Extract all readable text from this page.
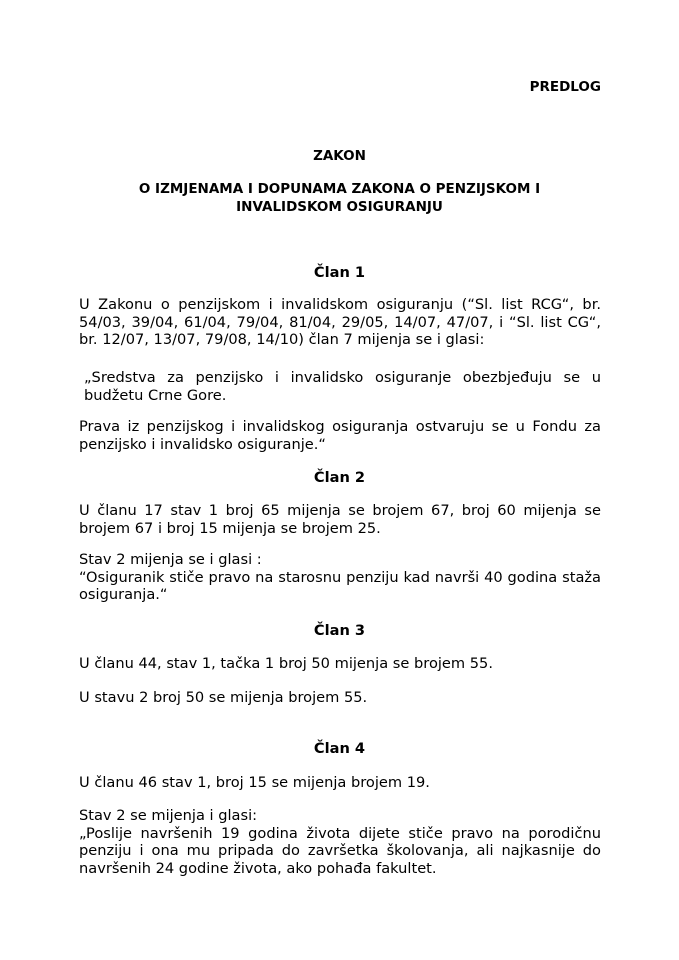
PREDLOG
ZAKON
O IZMJENAMA I DOPUNAMA ZAKONA O PENZIJSKOM I INVALIDSKOM OSIGURANJU
Član 1

U Zakonu o penzijskom i invalidskom osiguranju (“Sl. list RCG“, br. 54/03, 39/04, 61/04, 79/04, 81/04, 29/05, 14/07, 47/07, i “Sl. list CG“, br. 12/07, 13/07, 79/08, 14/10) član 7 mijenja se i glasi:

„Sredstva za penzijsko i invalidsko osiguranje obezbjeđuju se u budžetu Crne Gore.

Prava iz penzijskog i invalidskog osiguranja ostvaruju se u Fondu za penzijsko i invalidsko osiguranje.“

Član 2

U članu 17 stav 1 broj 65 mijenja se brojem 67, broj 60 mijenja se brojem 67 i broj 15 mijenja se brojem 25.

Stav 2 mijenja se i glasi :

“Osiguranik stiče pravo na starosnu penziju kad navrši 40 godina staža osiguranja.“

Član 3

U članu 44, stav 1, tačka 1 broj 50 mijenja se brojem 55.

U stavu 2 broj 50 se mijenja brojem 55.

Član 4

U članu 46 stav 1, broj 15 se mijenja brojem 19.

Stav 2 se mijenja i glasi:

„Poslije navršenih 19 godina života dijete stiče pravo na porodičnu penziju i ona mu pripada do završetka školovanja, ali najkasnije do navršenih 24 godine života, ako pohađa fakultet.
